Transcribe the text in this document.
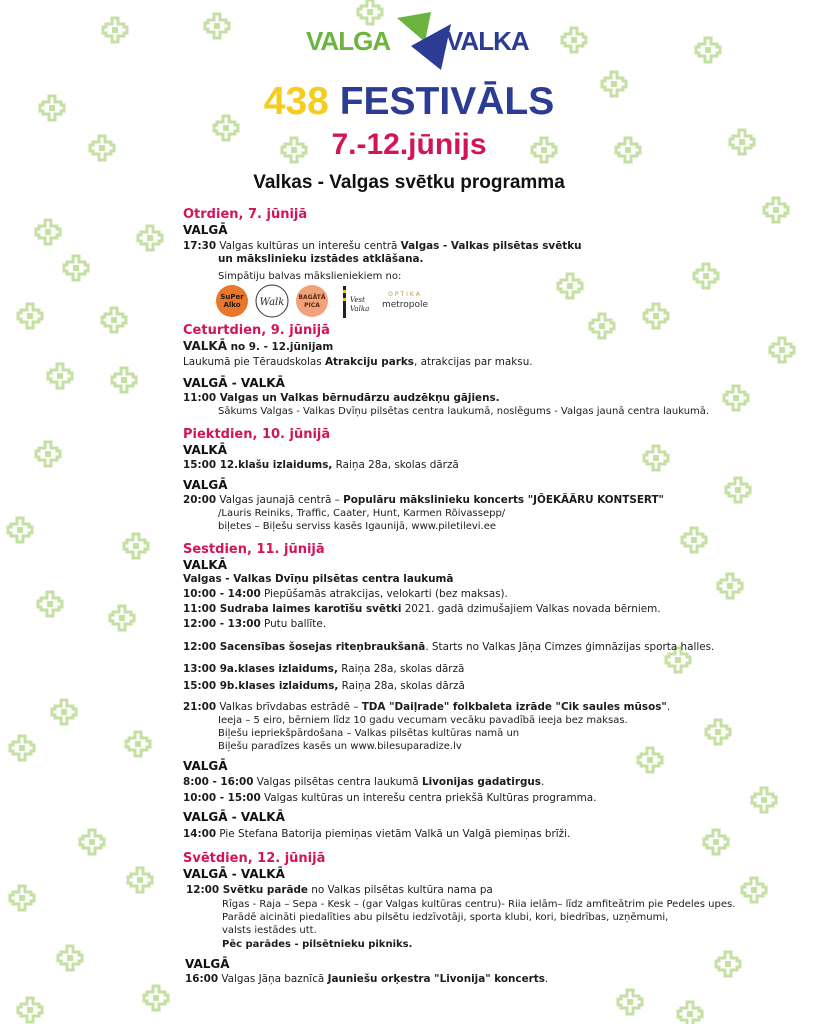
VALGA VALKA
438 FESTIVĀLS
7.-12.jūnijs
Valkas - Valgas svētku programma
Otrdien, 7. jūnijā
VALGĀ
17:30 Valgas kultūras un interešu centrā Valgas - Valkas pilsētas svētku
un mākslinieku izstādes atklāšana.
Simpātiju balvas mākslieniekiem no:
SuPer
Alko Walk BAGĀTĀ
PICA
Vest
Valka
OPTIKA
metropole
Ceturtdien, 9. jūnijā
VALKĀ no 9. - 12.jūnijam
Laukumā pie Tēraudskolas Atrakciju parks, atrakcijas par maksu.
VALGĀ - VALKĀ
11:00 Valgas un Valkas bērnudārzu audzēkņu gājiens.
Sākums Valgas - Valkas Dvīņu pilsētas centra laukumā, noslēgums - Valgas jaunā centra laukumā.
Piektdien, 10. jūnijā
VALKĀ
15:00 12.klašu izlaidums, Raiņa 28a, skolas dārzā
VALGĀ
20:00 Valgas jaunajā centrā – Populāru mākslinieku koncerts "JÕEKÄÄRU KONTSERT"
/Lauris Reiniks, Traffic, Caater, Hunt, Karmen Rõivassepp/
biļetes – Biļešu serviss kasēs Igaunijā, www.piletilevi.ee
Sestdien, 11. jūnijā
VALKĀ
Valgas - Valkas Dvīņu pilsētas centra laukumā
10:00 - 14:00 Piepūšamās atrakcijas, velokarti (bez maksas).
11:00 Sudraba laimes karotīšu svētki 2021. gadā dzimušajiem Valkas novada bērniem.
12:00 - 13:00 Putu ballīte.
12:00 Sacensības šosejas riteņbraukšanā. Starts no Valkas Jāņa Cimzes ģimnāzijas sporta halles.
13:00 9a.klases izlaidums, Raiņa 28a, skolas dārzā
15:00 9b.klases izlaidums, Raiņa 28a, skolas dārzā
21:00 Valkas brīvdabas estrādē – TDA "Daiļrade" folkbaleta izrāde "Cik saules mūsos".
Ieeja – 5 eiro, bērniem līdz 10 gadu vecumam vecāku pavadībā ieeja bez maksas.
Biļešu iepriekšpārdošana – Valkas pilsētas kultūras namā un
Biļešu paradīzes kasēs un www.bilesuparadize.lv
VALGĀ
8:00 - 16:00 Valgas pilsētas centra laukumā Livonijas gadatirgus.
10:00 - 15:00 Valgas kultūras un interešu centra priekšā Kultūras programma.
VALGĀ - VALKĀ
14:00 Pie Stefana Batorija piemiņas vietām Valkā un Valgā piemiņas brīži.
Svētdien, 12. jūnijā
VALGĀ - VALKĀ
12:00 Svētku parāde no Valkas pilsētas kultūra nama pa
Rīgas - Raja – Sepa - Kesk – (gar Valgas kultūras centru)- Riia ielām– līdz amfiteātrim pie Pedeles upes.
Parādē aicināti piedalīties abu pilsētu iedzīvotāji, sporta klubi, kori, biedrības, uzņēmumi,
valsts iestādes utt.
Pēc parādes - pilsētnieku pikniks.
VALGĀ
16:00 Valgas Jāņa baznīcā Jauniešu orķestra "Livonija" koncerts.
